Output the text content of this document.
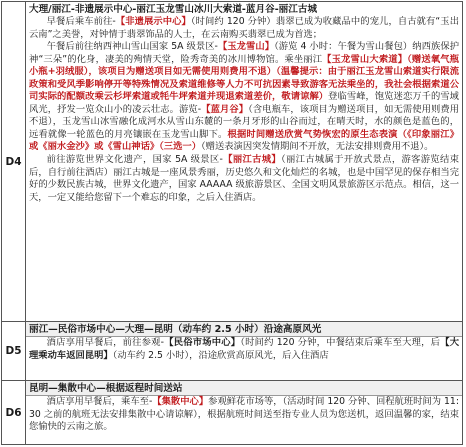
D4	大理/丽江-非遗展示中心-丽江玉龙雪山冰川大索道-蓝月谷-丽江古城

早餐后乘车前往-【非遗展示中心】（时间约 120 分钟）翡翠已成为收藏品中的宠儿，自古就有“玉出云南”之美誉，对钟情于翡翠饰品的人士，在云南购买翡翠已成为首选；

午餐后前往纳西神山雪山国家 5A 级景区-【玉龙雪山】（游览 4 小时：午餐为雪山餐包）纳西族保护神“三朵”的化身，凄美的殉情天堂，险秀奇美的冰川博物馆。乘坐丽江【玉龙雪山大索道】（赠送氧气瓶小瓶+羽绒服），该项目为赠送项目如无需使用则费用不退）（温馨提示：由于丽江玉龙雪山索道实行限流政策和受风季影响停开等特殊情况及索道维修等人力不可抗因素导致游客无法乘坐的，我社会根据索道公司实际的配额改乘云杉坪索道或牦牛坪索道并现退索道差价，敬请谅解）登临雪峰，饱览迷恋万千的雪域风光，抒发一览众山小的凌云壮志。游览-【蓝月谷】（含电瓶车，该项目为赠送项目，如无需使用则费用不退），玉龙雪山冰雪融化成河水从雪山东麓的一条月牙形的山谷而过，在晴天时，水的颜色是蓝色的，远看就像一轮蓝色的月亮镶嵌在玉龙雪山脚下。根据时间赠送欣赏气势恢宏的原生态表演（《印象丽江》或《丽水金沙》或《雪山神话》（三选一）（赠送表演因突发情期间不开放，无法安排则费用不退）。

前往游览世界文化遗产，国家 5A 级景区-【丽江古城】（丽江古城属于开放式景点，游客游览结束后，自行前往酒店）丽江古城是一座风景秀丽，历史悠久和文化灿烂的名城，也是中国罕见的保存相当完好的少数民族古城，世界文化遗产，国家 AAAAA 级旅游景区、全国文明风景旅游区示范点。相信，这一天，一定又能给您留下一个难忘的印象，之后入住酒店。

D5	丽江—民俗市场中心—大理—昆明（动车约 2.5 小时）沿途高原风光

酒店享用早餐后，前往参观-【民俗市场中心】（时间约 120 分钟，中餐结束后乘车至大理，后【大理乘动车返回昆明】（动车约 2.5 小时），沿途欣赏高原风光，后入住酒店

D6	昆明—集散中心—根据返程时间送站

酒店享用早餐后，乘车至-【集散中心】参观鲜花市场等，（活动时间 120 分钟、回程航班时间为 11:30 之前的航班无法安排集散中心请谅解），根据航班时间送至指专业人员为您送机，返回温馨的家，结束您愉快的云南之旅。
